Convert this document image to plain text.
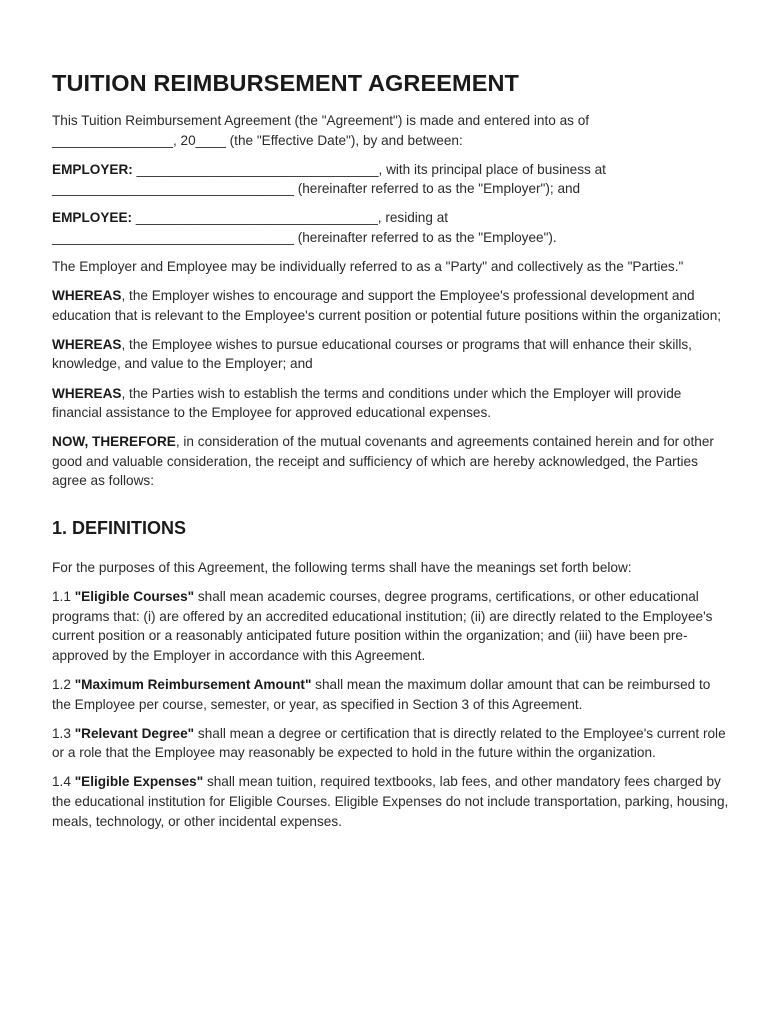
TUITION REIMBURSEMENT AGREEMENT

This Tuition Reimbursement Agreement (the "Agreement") is made and entered into as of
________________, 20____ (the "Effective Date"), by and between:

EMPLOYER: ________________________________, with its principal place of business at
________________________________ (hereinafter referred to as the "Employer"); and

EMPLOYEE: ________________________________, residing at
________________________________ (hereinafter referred to as the "Employee").

The Employer and Employee may be individually referred to as a "Party" and collectively as the "Parties."

WHEREAS, the Employer wishes to encourage and support the Employee's professional development and education that is relevant to the Employee's current position or potential future positions within the organization;

WHEREAS, the Employee wishes to pursue educational courses or programs that will enhance their skills, knowledge, and value to the Employer; and

WHEREAS, the Parties wish to establish the terms and conditions under which the Employer will provide financial assistance to the Employee for approved educational expenses.

NOW, THEREFORE, in consideration of the mutual covenants and agreements contained herein and for other good and valuable consideration, the receipt and sufficiency of which are hereby acknowledged, the Parties agree as follows:

1. DEFINITIONS

For the purposes of this Agreement, the following terms shall have the meanings set forth below:

1.1 "Eligible Courses" shall mean academic courses, degree programs, certifications, or other educational programs that: (i) are offered by an accredited educational institution; (ii) are directly related to the Employee's current position or a reasonably anticipated future position within the organization; and (iii) have been pre-approved by the Employer in accordance with this Agreement.

1.2 "Maximum Reimbursement Amount" shall mean the maximum dollar amount that can be reimbursed to the Employee per course, semester, or year, as specified in Section 3 of this Agreement.

1.3 "Relevant Degree" shall mean a degree or certification that is directly related to the Employee's current role or a role that the Employee may reasonably be expected to hold in the future within the organization.

1.4 "Eligible Expenses" shall mean tuition, required textbooks, lab fees, and other mandatory fees charged by the educational institution for Eligible Courses. Eligible Expenses do not include transportation, parking, housing, meals, technology, or other incidental expenses.
